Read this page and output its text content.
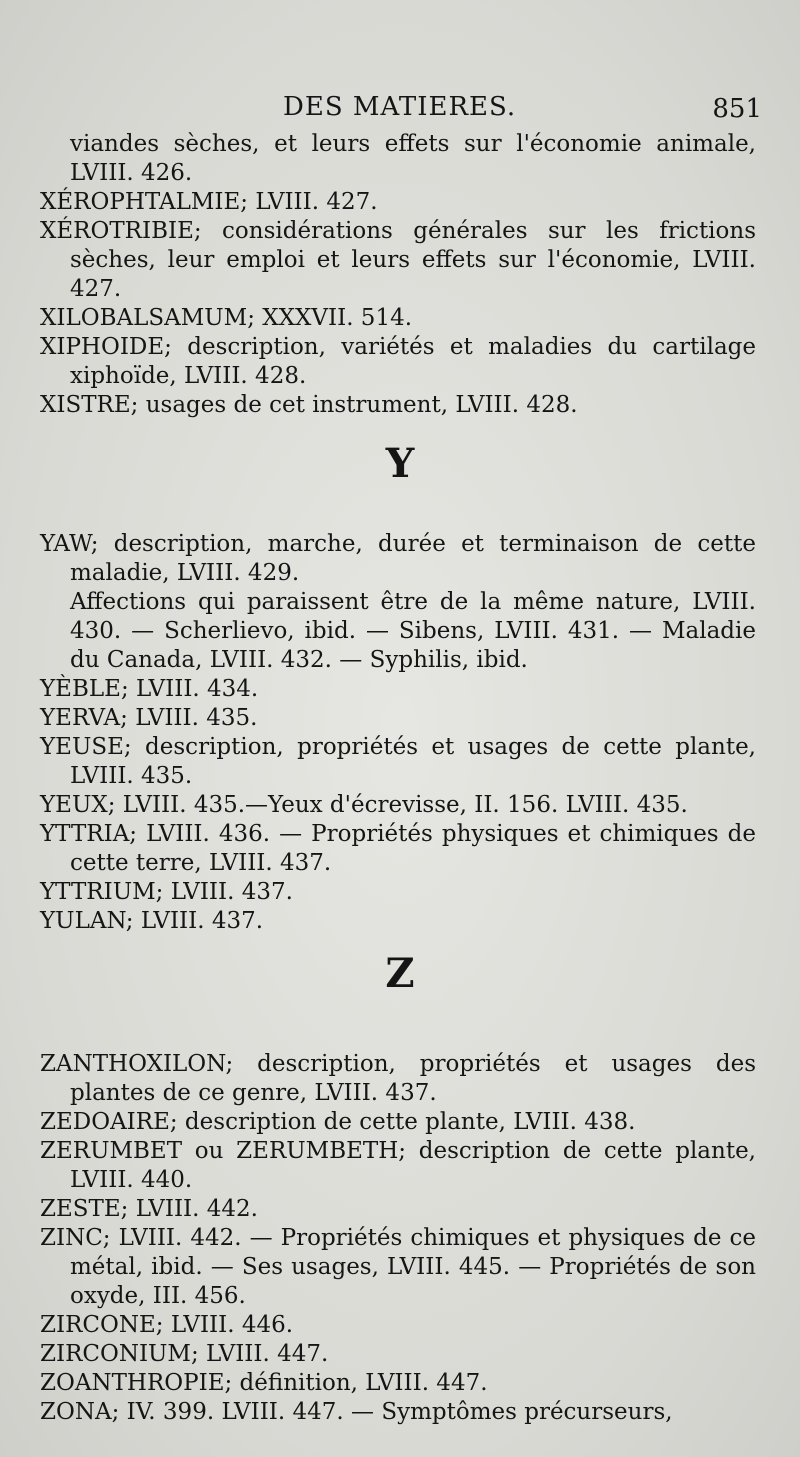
DES MATIERES.	851

viandes sèches, et leurs effets sur l'économie animale, LVIII. 426.

XÉROPHTALMIE; LVIII. 427.

XÉROTRIBIE; considérations générales sur les frictions sèches, leur emploi et leurs effets sur l'économie, LVIII. 427.

XILOBALSAMUM; XXXVII. 514.

XIPHOIDE; description, variétés et maladies du cartilage xiphoïde, LVIII. 428.

XISTRE; usages de cet instrument, LVIII. 428.

Y

YAW; description, marche, durée et terminaison de cette maladie, LVIII. 429.

Affections qui paraissent être de la même nature, LVIII. 430. — Scherlievo, ibid. — Sibens, LVIII. 431. — Maladie du Canada, LVIII. 432. — Syphilis, ibid.

YÈBLE; LVIII. 434.

YERVA; LVIII. 435.

YEUSE; description, propriétés et usages de cette plante, LVIII. 435.

YEUX; LVIII. 435.—Yeux d'écrevisse, II. 156. LVIII. 435.

YTTRIA; LVIII. 436. — Propriétés physiques et chimiques de cette terre, LVIII. 437.

YTTRIUM; LVIII. 437.

YULAN; LVIII. 437.

Z

ZANTHOXILON; description, propriétés et usages des plantes de ce genre, LVIII. 437.

ZEDOAIRE; description de cette plante, LVIII. 438.

ZERUMBET ou ZERUMBETH; description de cette plante, LVIII. 440.

ZESTE; LVIII. 442.

ZINC; LVIII. 442. — Propriétés chimiques et physiques de ce métal, ibid. — Ses usages, LVIII. 445. — Propriétés de son oxyde, III. 456.

ZIRCONE; LVIII. 446.

ZIRCONIUM; LVIII. 447.

ZOANTHROPIE; définition, LVIII. 447.

ZONA; IV. 399. LVIII. 447. — Symptômes précurseurs,
